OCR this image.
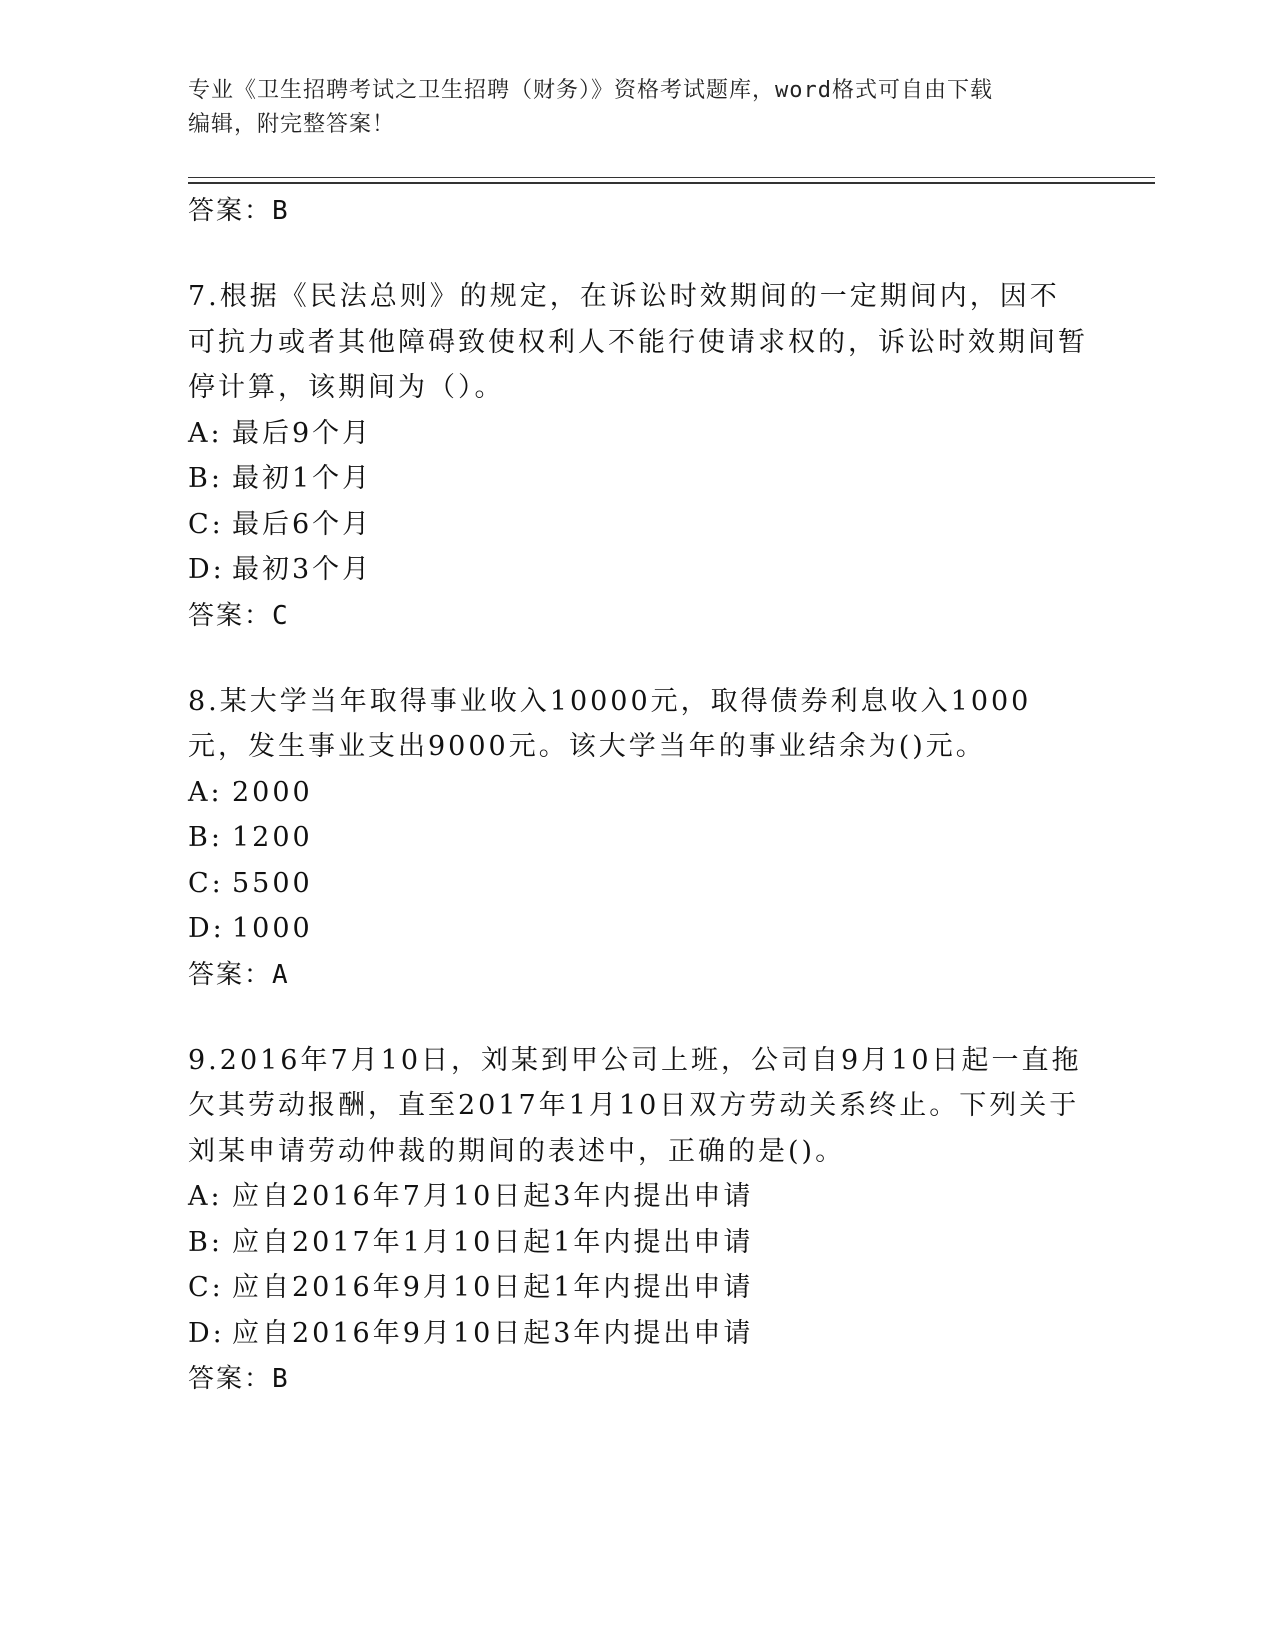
专业《卫生招聘考试之卫生招聘（财务）》资格考试题库，word格式可自由下载
编辑，附完整答案！

答案：B

7.根据《民法总则》的规定，在诉讼时效期间的一定期间内，因不可抗力或者其他障碍致使权利人不能行使请求权的，诉讼时效期间暂停计算，该期间为（）。

A: 最后9个月

B: 最初1个月

C: 最后6个月

D: 最初3个月

答案：C

8.某大学当年取得事业收入10000元，取得债券利息收入1000元，发生事业支出9000元。该大学当年的事业结余为()元。

A: 2000

B: 1200

C: 5500

D: 1000

答案：A

9.2016年7月10日，刘某到甲公司上班，公司自9月10日起一直拖欠其劳动报酬，直至2017年1月10日双方劳动关系终止。下列关于刘某申请劳动仲裁的期间的表述中，正确的是()。

A: 应自2016年7月10日起3年内提出申请

B: 应自2017年1月10日起1年内提出申请

C: 应自2016年9月10日起1年内提出申请

D: 应自2016年9月10日起3年内提出申请

答案：B
